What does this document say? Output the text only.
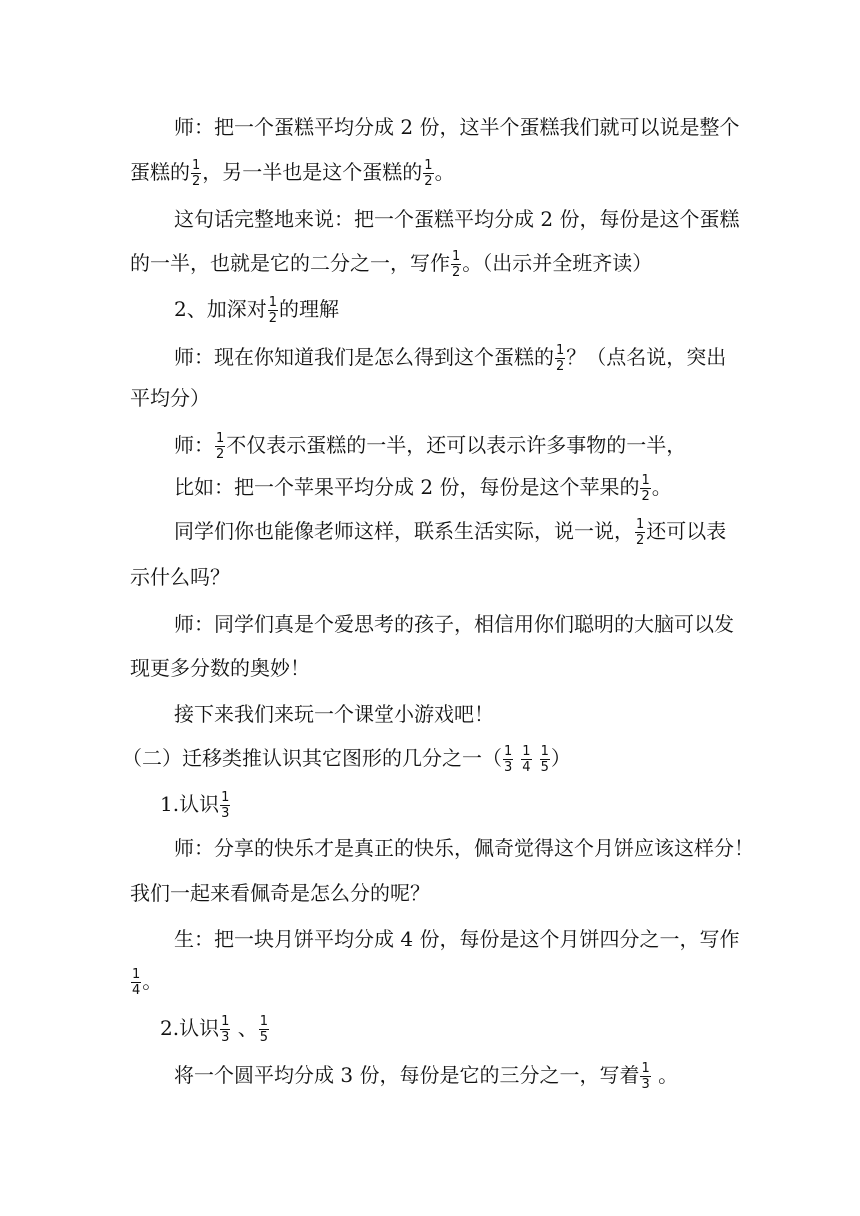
师：把一个蛋糕平均分成 2 份，这半个蛋糕我们就可以说是整个
蛋糕的 $\frac{1}{2}$ ，另一半也是这个蛋糕的 $\frac{1}{2}$ 。
这句话完整地来说：把一个蛋糕平均分成 2 份，每份是这个蛋糕
的一半，也就是它的二分之一，写作 $\frac{1}{2}$ 。（出示并全班齐读）
2、加深对 $\frac{1}{2}$ 的理解
师：现在你知道我们是怎么得到这个蛋糕的 $\frac{1}{2}$ ？（点名说，突出
平均分）
师： $\frac{1}{2}$ 不仅表示蛋糕的一半，还可以表示许多事物的一半，
比如：把一个苹果平均分成 2 份，每份是这个苹果的 $\frac{1}{2}$ 。
同学们你也能像老师这样，联系生活实际，说一说， $\frac{1}{2}$ 还可以表
示什么吗？
师：同学们真是个爱思考的孩子，相信用你们聪明的大脑可以发
现更多分数的奥妙！
接下来我们来玩一个课堂小游戏吧！
（二）迁移类推认识其它图形的几分之一（ $\frac{1}{3} \frac{1}{4} \frac{1}{5}$ ）
1.认识 $\frac{1}{3}$
师：分享的快乐才是真正的快乐，佩奇觉得这个月饼应该这样分！
我们一起来看佩奇是怎么分的呢？
生：把一块月饼平均分成 4 份，每份是这个月饼四分之一，写作
$\frac{1}{4}$ 。
2.认识 $\frac{1}{3}$ 、 $\frac{1}{5}$
将一个圆平均分成 3 份，每份是它的三分之一，写着 $\frac{1}{3}$ 。
